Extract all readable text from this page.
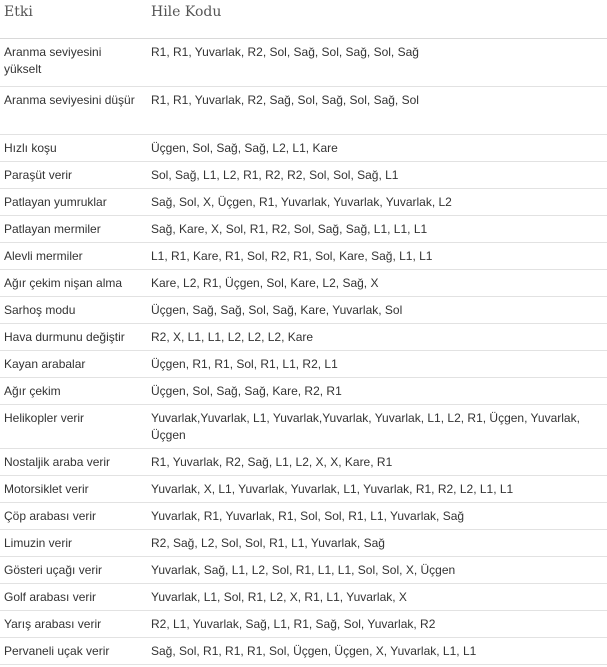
Etki	Hile Kodu
Aranma seviyesini yükselt	R1, R1, Yuvarlak, R2, Sol, Sağ, Sol, Sağ, Sol, Sağ
Aranma seviyesini düşür	R1, R1, Yuvarlak, R2, Sağ, Sol, Sağ, Sol, Sağ, Sol
Hızlı koşu	Üçgen, Sol, Sağ, Sağ, L2, L1, Kare
Paraşüt verir	Sol, Sağ, L1, L2, R1, R2, R2, Sol, Sol, Sağ, L1
Patlayan yumruklar	Sağ, Sol, X, Üçgen, R1, Yuvarlak, Yuvarlak, Yuvarlak, L2
Patlayan mermiler	Sağ, Kare, X, Sol, R1, R2, Sol, Sağ, Sağ, L1, L1, L1
Alevli mermiler	L1, R1, Kare, R1, Sol, R2, R1, Sol, Kare, Sağ, L1, L1
Ağır çekim nişan alma	Kare, L2, R1, Üçgen, Sol, Kare, L2, Sağ, X
Sarhoş modu	Üçgen, Sağ, Sağ, Sol, Sağ, Kare, Yuvarlak, Sol
Hava durmunu değiştir	R2, X, L1, L1, L2, L2, L2, Kare
Kayan arabalar	Üçgen, R1, R1, Sol, R1, L1, R2, L1
Ağır çekim	Üçgen, Sol, Sağ, Sağ, Kare, R2, R1
Helikopler verir	Yuvarlak,Yuvarlak, L1, Yuvarlak,Yuvarlak, Yuvarlak, L1, L2, R1, Üçgen, Yuvarlak, Üçgen
Nostaljik araba verir	R1, Yuvarlak, R2, Sağ, L1, L2, X, X, Kare, R1
Motorsiklet verir	Yuvarlak, X, L1, Yuvarlak, Yuvarlak, L1, Yuvarlak, R1, R2, L2, L1, L1
Çöp arabası verir	Yuvarlak, R1, Yuvarlak, R1, Sol, Sol, R1, L1, Yuvarlak, Sağ
Limuzin verir	R2, Sağ, L2, Sol, Sol, R1, L1, Yuvarlak, Sağ
Gösteri uçağı verir	Yuvarlak, Sağ, L1, L2, Sol, R1, L1, L1, Sol, Sol, X, Üçgen
Golf arabası verir	Yuvarlak, L1, Sol, R1, L2, X, R1, L1, Yuvarlak, X
Yarış arabası verir	R2, L1, Yuvarlak, Sağ, L1, R1, Sağ, Sol, Yuvarlak, R2
Pervaneli uçak verir	Sağ, Sol, R1, R1, R1, Sol, Üçgen, Üçgen, X, Yuvarlak, L1, L1
